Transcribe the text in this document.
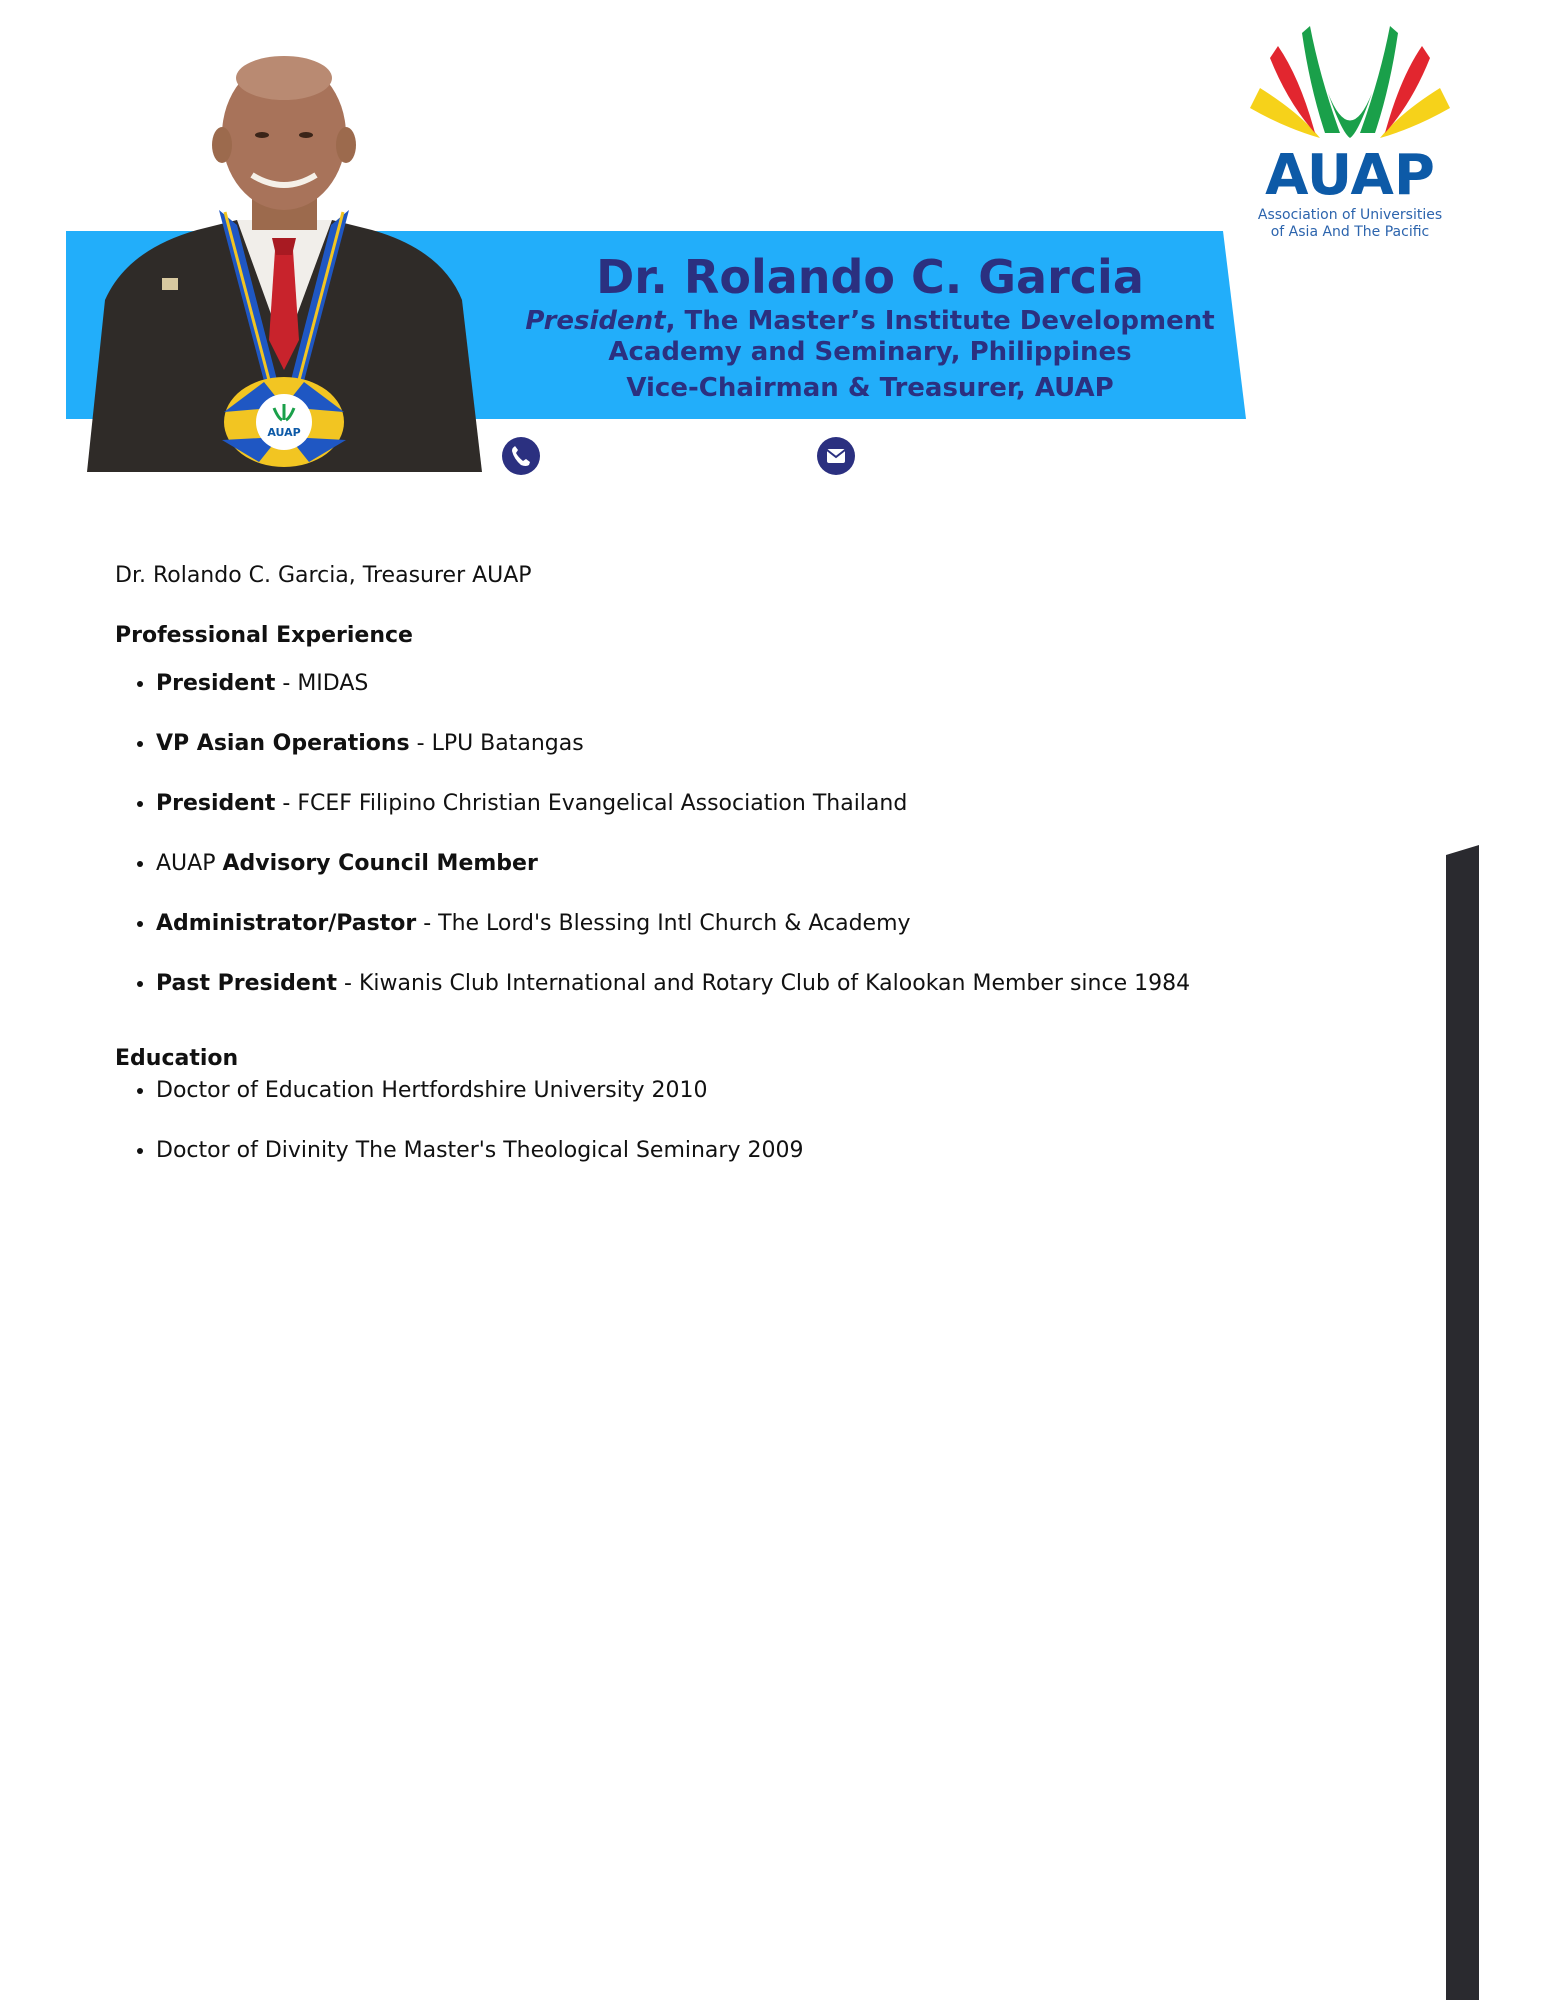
AUAP

Dr. Rolando C. Garcia

President, The Master’s Institute Development

Academy and Seminary, Philippines

Vice-Chairman & Treasurer, AUAP

AUAP
Association of Universities
of Asia And The Pacific

Dr. Rolando C. Garcia, Treasurer AUAP

Professional Experience

• President - MIDAS
• VP Asian Operations - LPU Batangas
• President - FCEF Filipino Christian Evangelical Association Thailand
• AUAP Advisory Council Member
• Administrator/Pastor - The Lord's Blessing Intl Church & Academy
• Past President - Kiwanis Club International and Rotary Club of Kalookan Member since 1984

Education

• Doctor of Education Hertfordshire University 2010
• Doctor of Divinity The Master's Theological Seminary 2009
